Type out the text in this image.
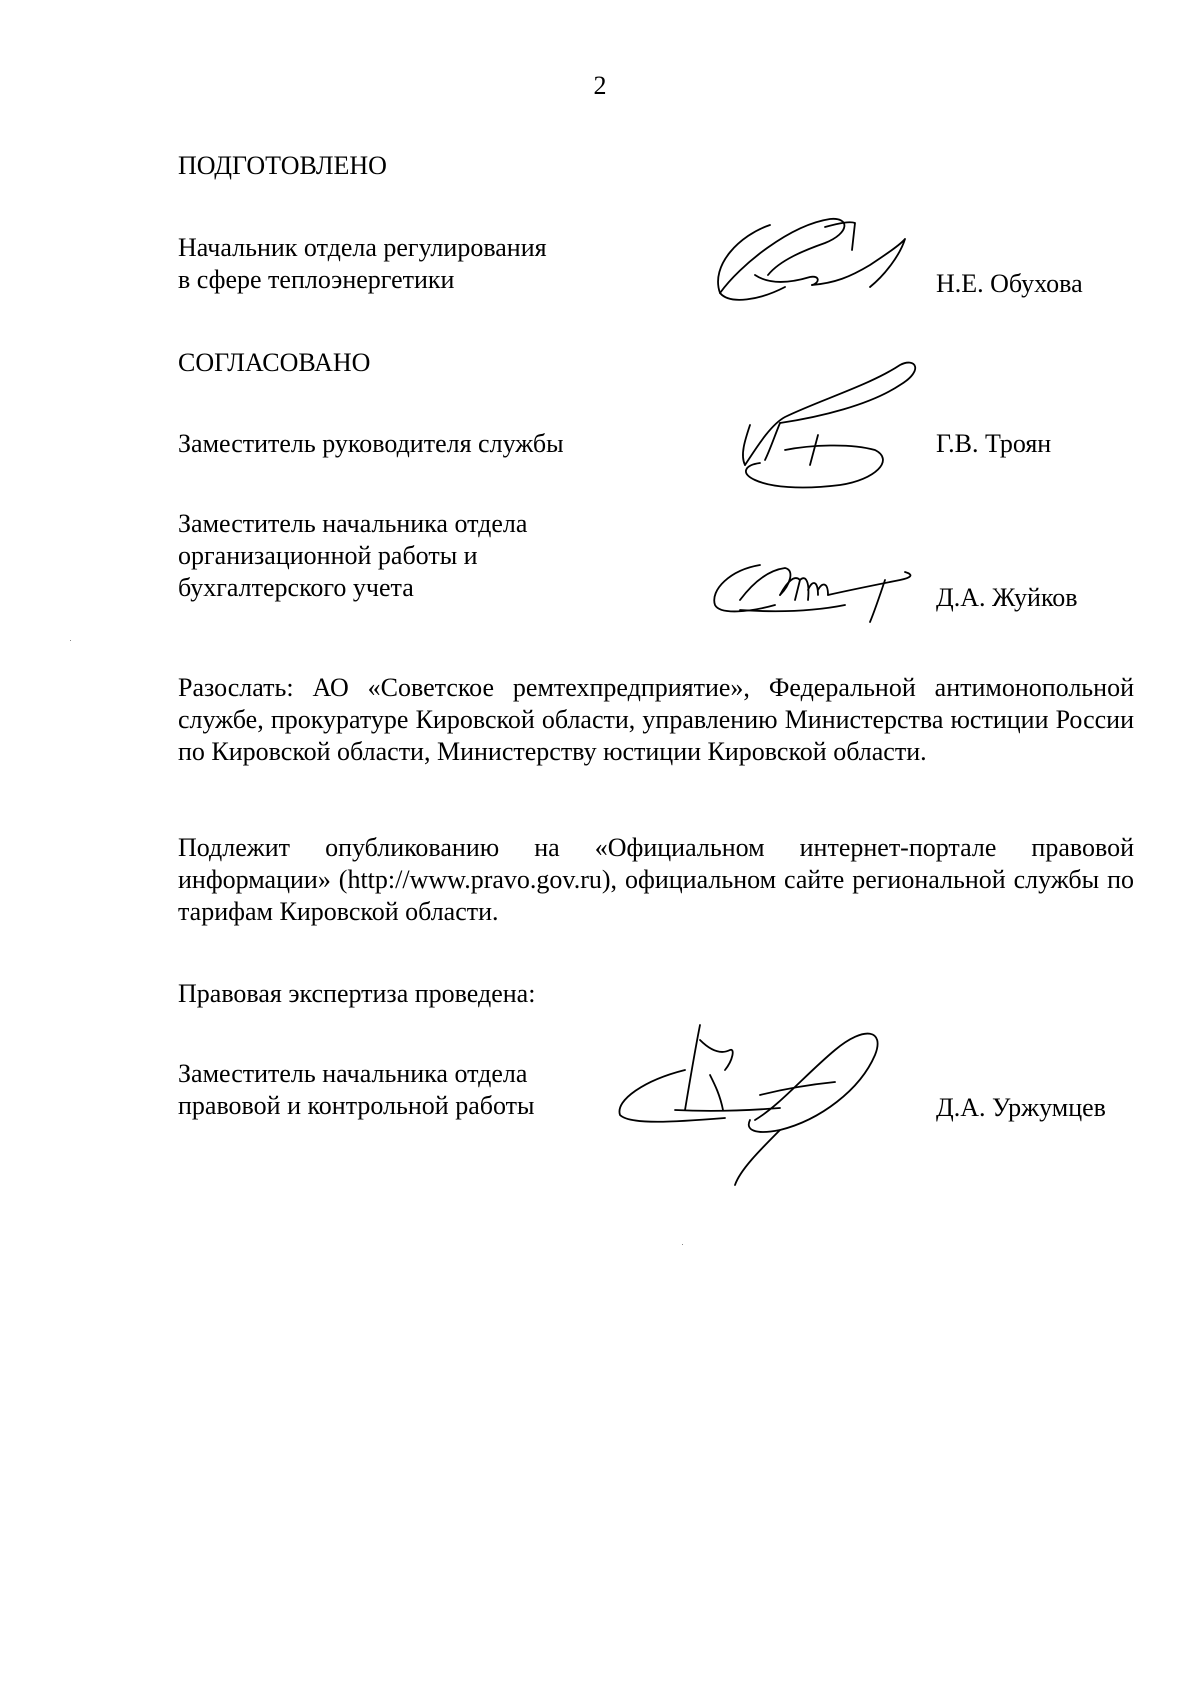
2
ПОДГОТОВЛЕНО
Начальник отдела регулирования
в сфере теплоэнергетики	Н.Е. Обухова
СОГЛАСОВАНО
Заместитель руководителя службы	Г.В. Троян
Заместитель начальника отдела
организационной работы и
бухгалтерского учета	Д.А. Жуйков
Разослать: АО «Советское ремтехпредприятие», Федеральной антимонопольной службе, прокуратуре Кировской области, управлению Министерства юстиции России по Кировской области, Министерству юстиции Кировской области.
Подлежит опубликованию на «Официальном интернет-портале правовой информации» (http://www.pravo.gov.ru), официальном сайте региональной службы по тарифам Кировской области.
Правовая экспертиза проведена:
Заместитель начальника отдела
правовой и контрольной работы	Д.А. Уржумцев
